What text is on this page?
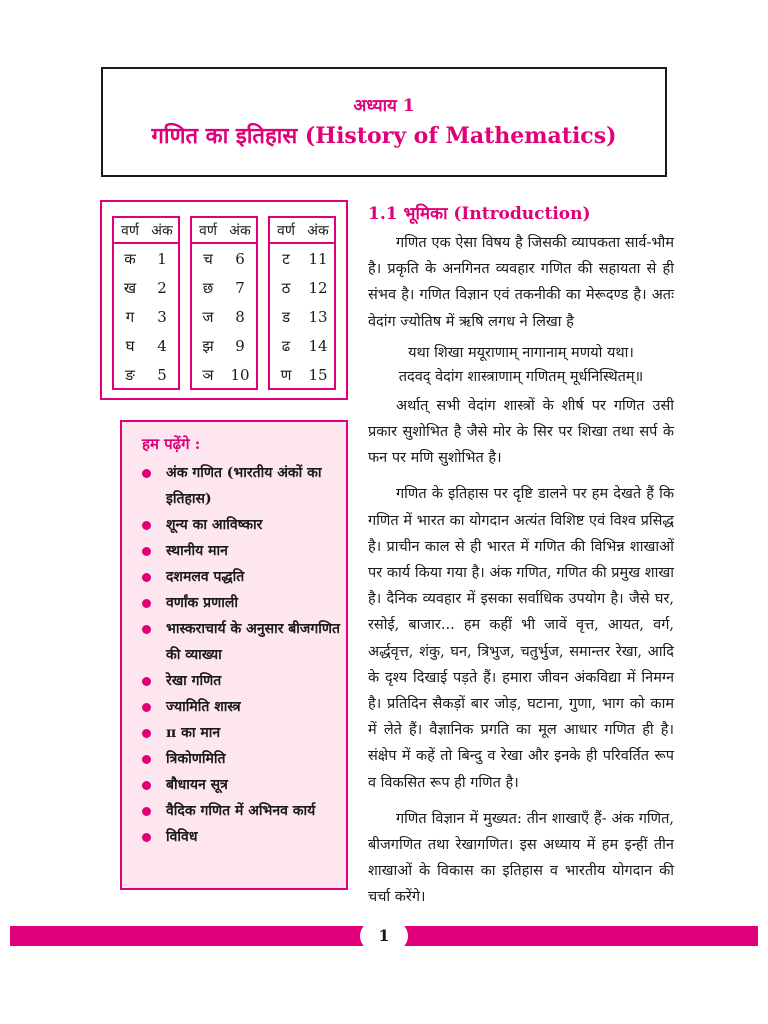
अध्याय 1
गणित का इतिहास (History of Mathematics)
वर्ण अंक
क	1
ख	2
ग	3
घ	4
ङ	5
वर्ण अंक
च	6
छ	7
ज	8
झ	9
ञ	10
वर्ण अंक
ट	11
ठ	12
ड	13
ढ	14
ण	15
हम पढ़ेंगे :
अंक गणित (भारतीय अंकों का इतिहास)
शून्य का आविष्कार
स्थानीय मान
दशमलव पद्धति
वर्णांक प्रणाली
भास्कराचार्य के अनुसार बीजगणित की व्याख्या
रेखा गणित
ज्यामिति शास्त्र
π का मान
त्रिकोणमिति
बौधायन सूत्र
वैदिक गणित में अभिनव कार्य
विविध
1.1 भूमिका (Introduction)

गणित एक ऐसा विषय है जिसकी व्यापकता सार्व-भौम है। प्रकृति के अनगिनत व्यवहार गणित की सहायता से ही संभव है। गणित विज्ञान एवं तकनीकी का मेरूदण्ड है। अतः वेदांग ज्योतिष में ऋषि लगध ने लिखा है

यथा शिखा मयूराणाम् नागानाम् मणयो यथा।
तदवद् वेदांग शास्त्राणाम् गणितम् मूर्धनिस्थितम्॥

अर्थात् सभी वेदांग शास्त्रों के शीर्ष पर गणित उसी प्रकार सुशोभित है जैसे मोर के सिर पर शिखा तथा सर्प के फन पर मणि सुशोभित है।

गणित के इतिहास पर दृष्टि डालने पर हम देखते हैं कि गणित में भारत का योगदान अत्यंत विशिष्ट एवं विश्व प्रसिद्ध है। प्राचीन काल से ही भारत में गणित की विभिन्न शाखाओं पर कार्य किया गया है। अंक गणित, गणित की प्रमुख शाखा है। दैनिक व्यवहार में इसका सर्वाधिक उपयोग है। जैसे घर, रसोई, बाजार... हम कहीं भी जावें वृत्त, आयत, वर्ग, अर्द्धवृत्त, शंकु, घन, त्रिभुज, चतुर्भुज, समान्तर रेखा, आदि के दृश्य दिखाई पड़ते हैं। हमारा जीवन अंकविद्या में निमग्न है। प्रतिदिन सैकड़ों बार जोड़, घटाना, गुणा, भाग को काम में लेते हैं। वैज्ञानिक प्रगति का मूल आधार गणित ही है। संक्षेप में कहें तो बिन्दु व रेखा और इनके ही परिवर्तित रूप व विकसित रूप ही गणित है।

गणित विज्ञान में मुख्यत: तीन शाखाएँ हैं- अंक गणित, बीजगणित तथा रेखागणित। इस अध्याय में हम इन्हीं तीन शाखाओं के विकास का इतिहास व भारतीय योगदान की चर्चा करेंगे।

1
